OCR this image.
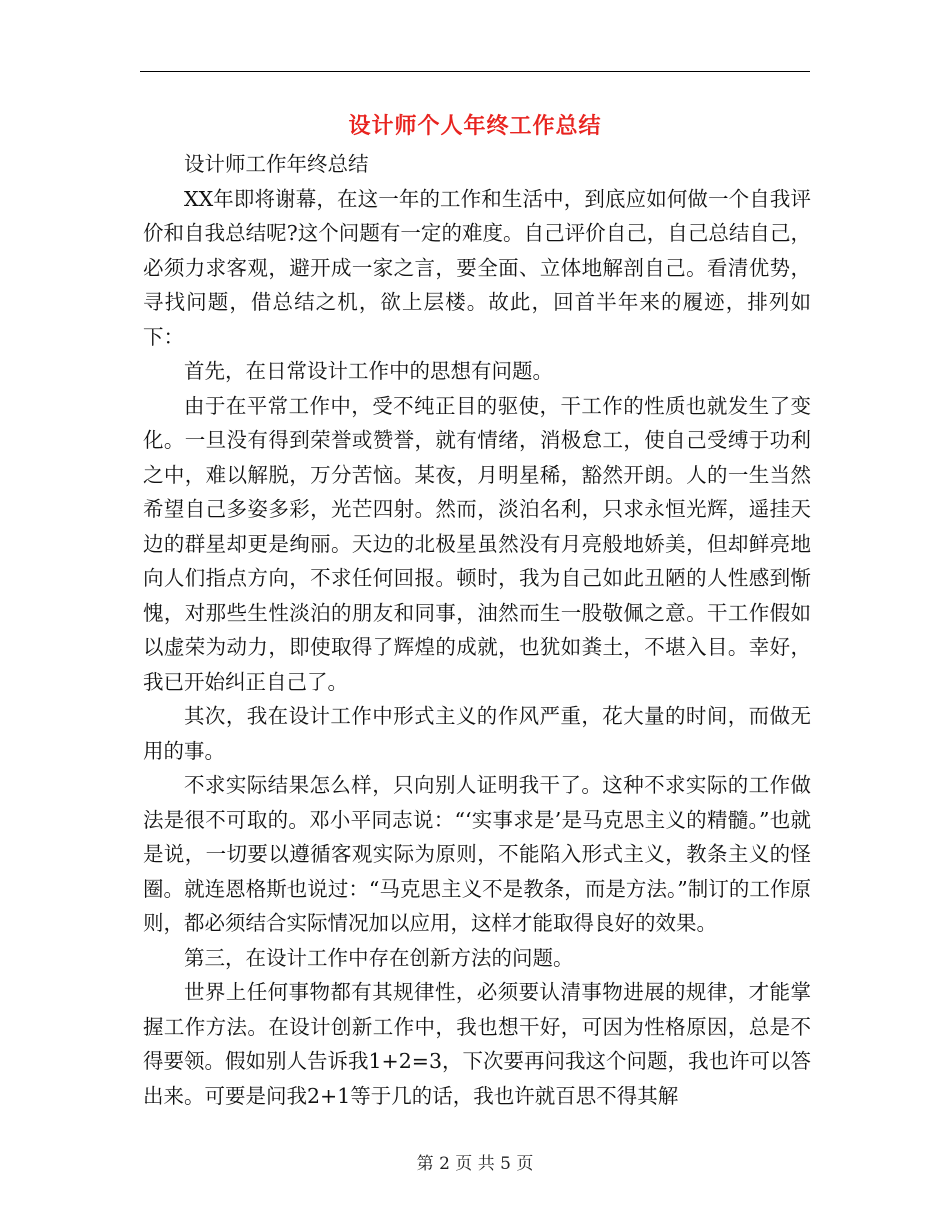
设计师个人年终工作总结

设计师工作年终总结

XX年即将谢幕，在这一年的工作和生活中，到底应如何做一个自我评价和自我总结呢?这个问题有一定的难度。自己评价自己，自己总结自己，必须力求客观，避开成一家之言，要全面、立体地解剖自己。看清优势，寻找问题，借总结之机，欲上层楼。故此，回首半年来的履迹，排列如下：

首先，在日常设计工作中的思想有问题。

由于在平常工作中，受不纯正目的驱使，干工作的性质也就发生了变化。一旦没有得到荣誉或赞誉，就有情绪，消极怠工，使自己受缚于功利之中，难以解脱，万分苦恼。某夜，月明星稀，豁然开朗。人的一生当然希望自己多姿多彩，光芒四射。然而，淡泊名利，只求永恒光辉，遥挂天边的群星却更是绚丽。天边的北极星虽然没有月亮般地娇美，但却鲜亮地向人们指点方向，不求任何回报。顿时，我为自己如此丑陋的人性感到惭愧，对那些生性淡泊的朋友和同事，油然而生一股敬佩之意。干工作假如以虚荣为动力，即使取得了辉煌的成就，也犹如粪土，不堪入目。幸好，我已开始纠正自己了。

其次，我在设计工作中形式主义的作风严重，花大量的时间，而做无用的事。

不求实际结果怎么样，只向别人证明我干了。这种不求实际的工作做法是很不可取的。邓小平同志说：“‘实事求是’是马克思主义的精髓。”也就是说，一切要以遵循客观实际为原则，不能陷入形式主义，教条主义的怪圈。就连恩格斯也说过：“马克思主义不是教条，而是方法。”制订的工作原则，都必须结合实际情况加以应用，这样才能取得良好的效果。

第三，在设计工作中存在创新方法的问题。

世界上任何事物都有其规律性，必须要认清事物进展的规律，才能掌握工作方法。在设计创新工作中，我也想干好，可因为性格原因，总是不得要领。假如别人告诉我1+2=3，下次要再问我这个问题，我也许可以答出来。可要是问我2+1等于几的话，我也许就百思不得其解

第 2 页 共 5 页
